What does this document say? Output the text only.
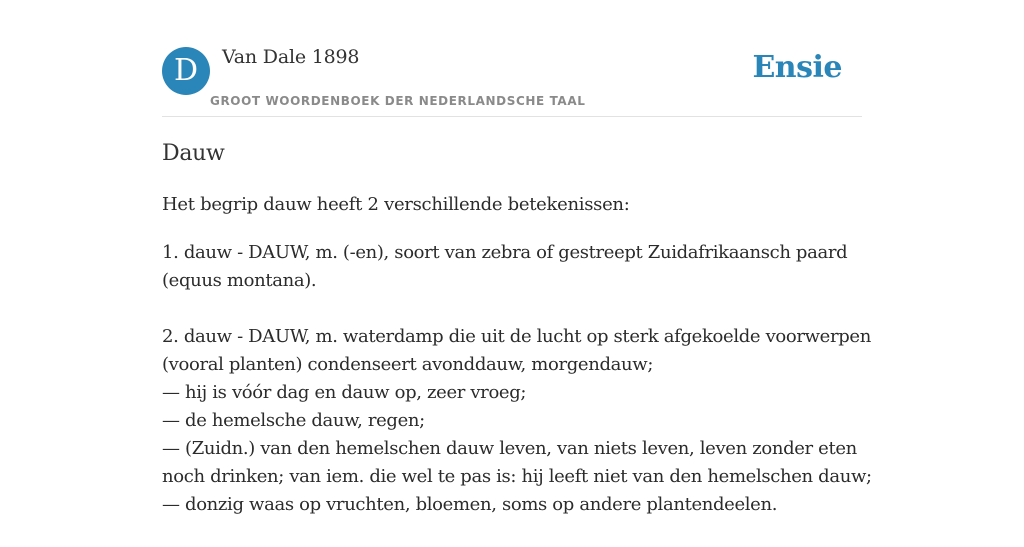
D	Van Dale 1898
GROOT WOORDENBOEK DER NEDERLANDSCHE TAAL
Ensie
Dauw
Het begrip dauw heeft 2 verschillende betekenissen:
1. dauw - DAUW, m. (-en), soort van zebra of gestreept Zuidafrikaansch paard
(equus montana).
2. dauw - DAUW, m. waterdamp die uit de lucht op sterk afgekoelde voorwerpen
(vooral planten) condenseert avonddauw, morgendauw;
— hij is vóór dag en dauw op, zeer vroeg;
— de hemelsche dauw, regen;
— (Zuidn.) van den hemelschen dauw leven, van niets leven, leven zonder eten
noch drinken; van iem. die wel te pas is: hij leeft niet van den hemelschen dauw;
— donzig waas op vruchten, bloemen, soms op andere plantendeelen.
